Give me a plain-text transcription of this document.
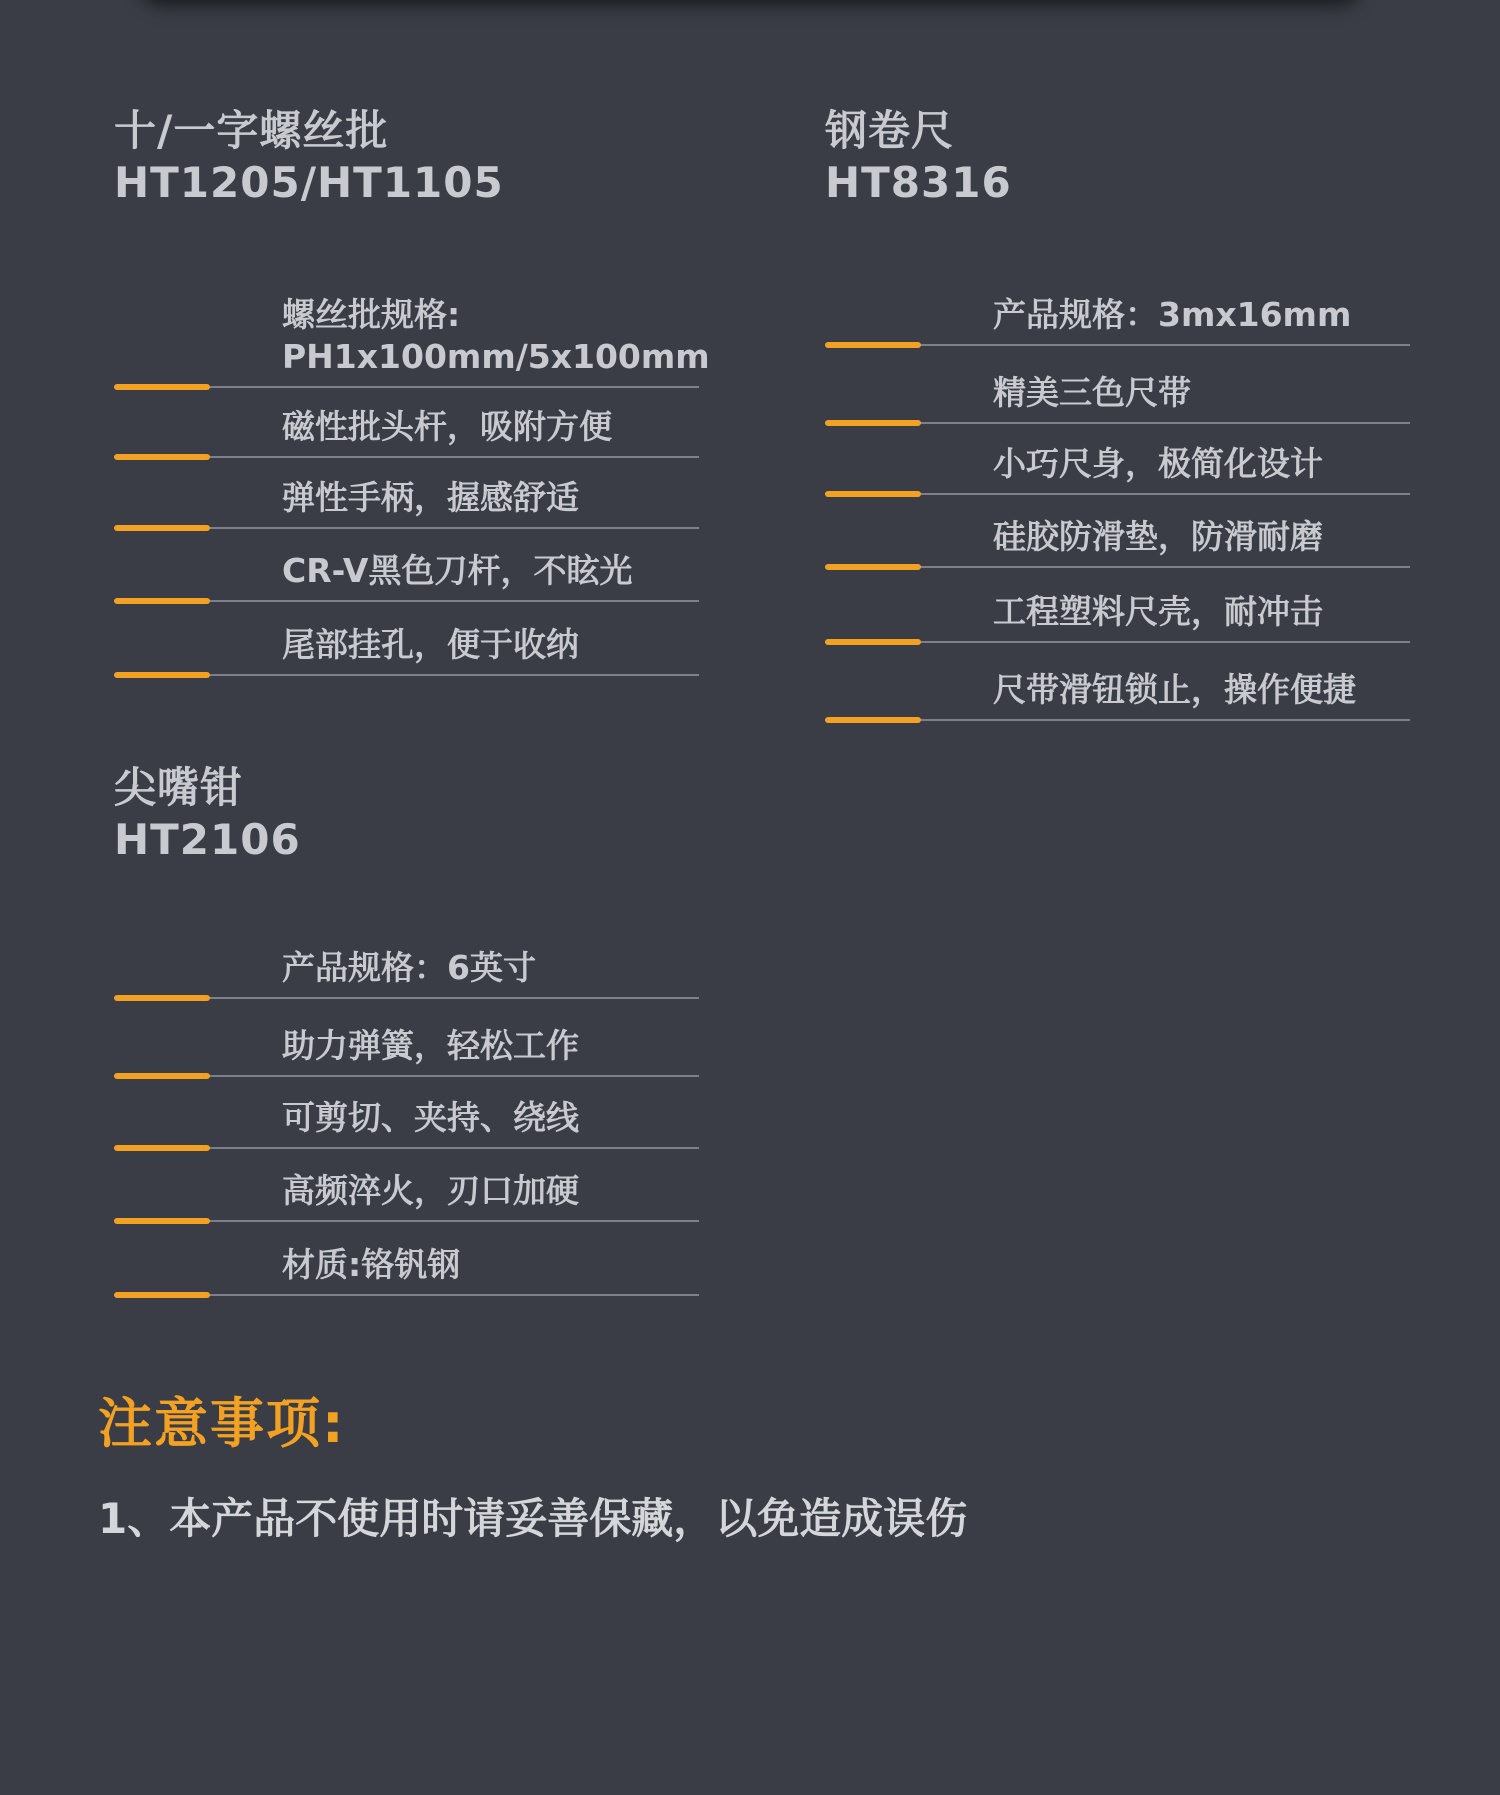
十/一字螺丝批
HT1205/HT1105
螺丝批规格:
PH1x100mm/5x100mm
磁性批头杆，吸附方便
弹性手柄，握感舒适
CR-V黑色刀杆，不眩光
尾部挂孔，便于收纳
钢卷尺
HT8316
产品规格：3mx16mm
精美三色尺带
小巧尺身，极简化设计
硅胶防滑垫，防滑耐磨
工程塑料尺壳，耐冲击
尺带滑钮锁止，操作便捷
尖嘴钳
HT2106
产品规格：6英寸
助力弹簧，轻松工作
可剪切、夹持、绕线
高频淬火，刃口加硬
材质:铬钒钢
注意事项:
1、本产品不使用时请妥善保藏，以免造成误伤
